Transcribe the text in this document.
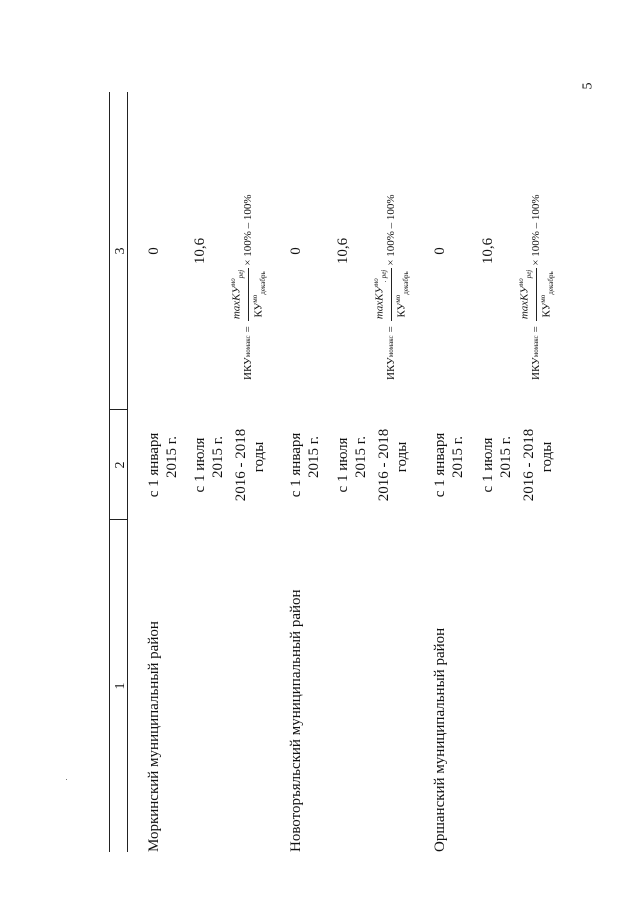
5
1
2
3
Моркинский муниципальный район
с 1 января 2015 г.
0
с 1 июля 2015 г.
10,6
2016 - 2018 годы
ИКУ
мо
макс
=
maxКУ$^{мо}_{pej}$
$КУ^{мо}_{декабрь}$
× 100% – 100%
Новоторъяльский муниципальный район
с 1 января 2015 г.
0
с 1 июля 2015 г.
10,6
2016 - 2018 годы
ИКУ
мо
макс
=
maxКУ$^{мо}_{pej}$
$КУ^{мо}_{декабрь}$
× 100% – 100%
Оршанский муниципальный район
с 1 января 2015 г.
0
с 1 июля 2015 г.
10,6
2016 - 2018 годы
ИКУ
мо
макс
=
maxКУ$^{мо}_{pej}$
$КУ^{мо}_{декабрь}$
× 100% – 100%
